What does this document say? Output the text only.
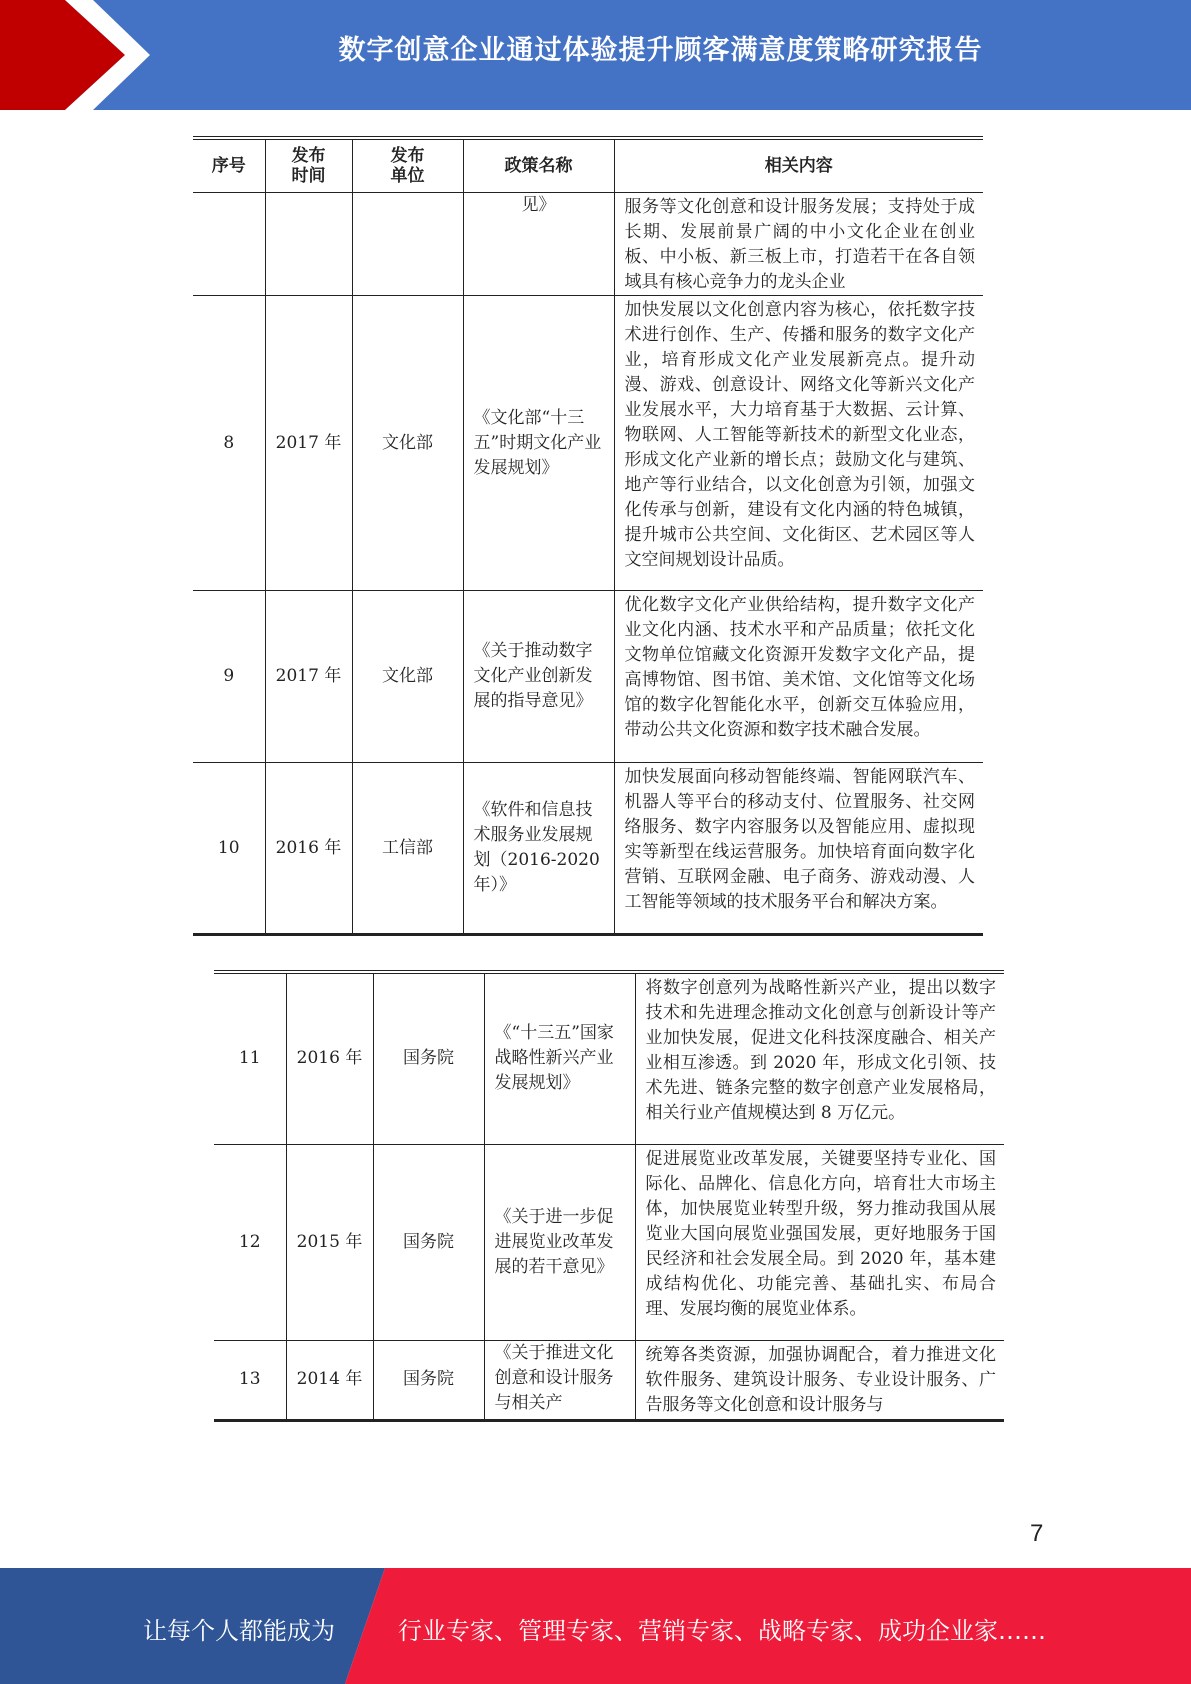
数字创意企业通过体验提升顾客满意度策略研究报告
序号	发布时间	发布单位	政策名称	相关内容
			见》	服务等文化创意和设计服务发展；支持处于成长期、发展前景广阔的中小文化企业在创业板、中小板、新三板上市，打造若干在各自领域具有核心竞争力的龙头企业
8	2017 年	文化部	《文化部“十三五”时期文化产业发展规划》	加快发展以文化创意内容为核心，依托数字技术进行创作、生产、传播和服务的数字文化产业，培育形成文化产业发展新亮点。提升动漫、游戏、创意设计、网络文化等新兴文化产业发展水平，大力培育基于大数据、云计算、物联网、人工智能等新技术的新型文化业态，形成文化产业新的增长点；鼓励文化与建筑、地产等行业结合，以文化创意为引领，加强文化传承与创新，建设有文化内涵的特色城镇，提升城市公共空间、文化街区、艺术园区等人文空间规划设计品质。
9	2017 年	文化部	《关于推动数字文化产业创新发展的指导意见》	优化数字文化产业供给结构，提升数字文化产业文化内涵、技术水平和产品质量；依托文化文物单位馆藏文化资源开发数字文化产品，提高博物馆、图书馆、美术馆、文化馆等文化场馆的数字化智能化水平，创新交互体验应用，带动公共文化资源和数字技术融合发展。
10	2016 年	工信部	《软件和信息技术服务业发展规划（2016-2020 年）》	加快发展面向移动智能终端、智能网联汽车、机器人等平台的移动支付、位置服务、社交网络服务、数字内容服务以及智能应用、虚拟现实等新型在线运营服务。加快培育面向数字化营销、互联网金融、电子商务、游戏动漫、人工智能等领域的技术服务平台和解决方案。
11	2016 年	国务院	《“十三五”国家战略性新兴产业发展规划》	将数字创意列为战略性新兴产业，提出以数字技术和先进理念推动文化创意与创新设计等产业加快发展，促进文化科技深度融合、相关产业相互渗透。到 2020 年，形成文化引领、技术先进、链条完整的数字创意产业发展格局，相关行业产值规模达到 8 万亿元。
12	2015 年	国务院	《关于进一步促进展览业改革发展的若干意见》	促进展览业改革发展，关键要坚持专业化、国际化、品牌化、信息化方向，培育壮大市场主体，加快展览业转型升级，努力推动我国从展览业大国向展览业强国发展，更好地服务于国民经济和社会发展全局。到 2020 年，基本建成结构优化、功能完善、基础扎实、布局合理、发展均衡的展览业体系。
13	2014 年	国务院	《关于推进文化创意和设计服务与相关产	统筹各类资源，加强协调配合，着力推进文化软件服务、建筑设计服务、专业设计服务、广告服务等文化创意和设计服务与
7
让每个人都能成为	行业专家、管理专家、营销专家、战略专家、成功企业家……
